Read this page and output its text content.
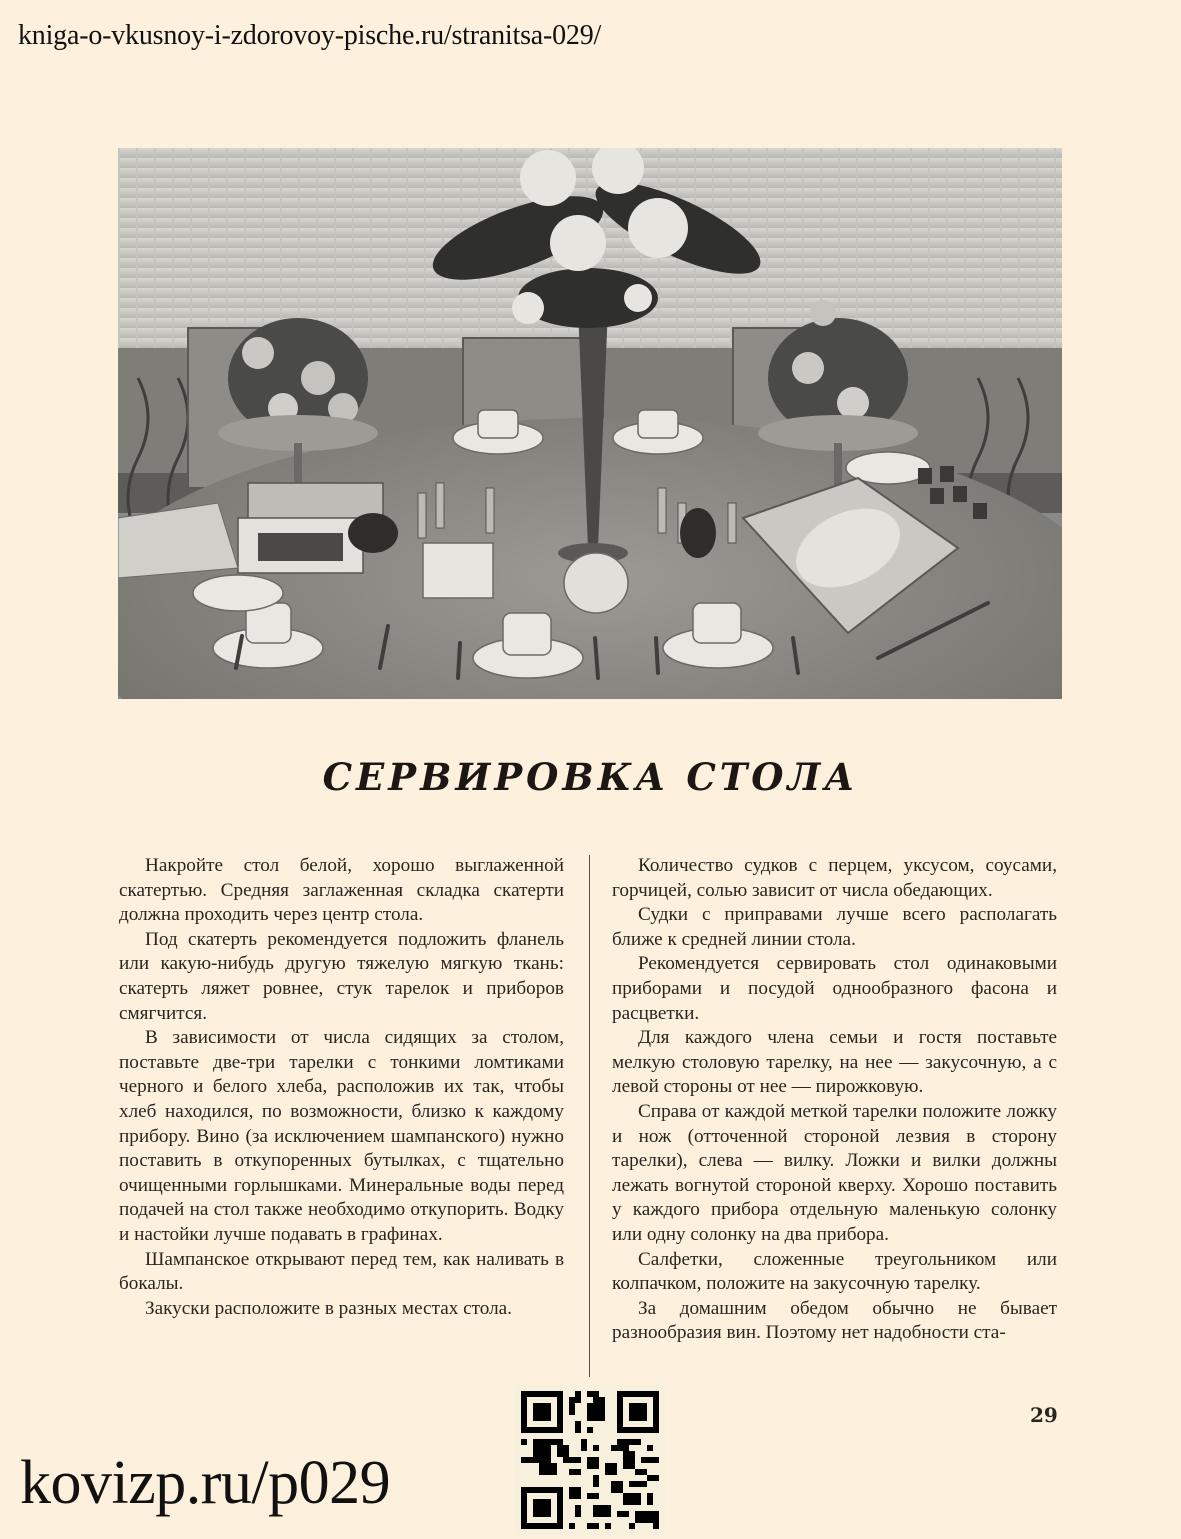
kniga-o-vkusnoy-i-zdorovoy-pische.ru/stranitsa-029/
СЕРВИРОВКА СТОЛА

Накройте стол белой, хорошо выглаженной скатертью. Средняя заглаженная складка скатерти должна проходить через центр стола.

Под скатерть рекомендуется подложить фланель или какую-нибудь другую тяжелую мягкую ткань: скатерть ляжет ровнее, стук тарелок и приборов смягчится.

В зависимости от числа сидящих за столом, поставьте две-три тарелки с тонкими ломтиками черного и белого хлеба, расположив их так, чтобы хлеб находился, по возможности, близко к каждому прибору. Вино (за исключением шампанского) нужно поставить в откупоренных бутылках, с тщательно очищенными горлышками. Минеральные воды перед подачей на стол также необходимо откупорить. Водку и настойки лучше подавать в графинах.

Шампанское открывают перед тем, как наливать в бокалы.

Закуски расположите в разных местах стола.

Количество судков с перцем, уксусом, соусами, горчицей, солью зависит от числа обедающих.

Судки с приправами лучше всего располагать ближе к средней линии стола.

Рекомендуется сервировать стол одинаковыми приборами и посудой однообразного фасона и расцветки.

Для каждого члена семьи и гостя поставьте мелкую столовую тарелку, на нее — закусочную, а с левой стороны от нее — пирожковую.

Справа от каждой меткой тарелки положите ложку и нож (отточенной стороной лезвия в сторону тарелки), слева — вилку. Ложки и вилки должны лежать вогнутой стороной кверху. Хорошо поставить у каждого прибора отдельную маленькую солонку или одну солонку на два прибора.

Салфетки, сложенные треугольником или колпачком, положите на закусочную тарелку.

За домашним обедом обычно не бывает разнообразия вин. Поэтому нет надобности ста-

29
kovizp.ru/p029
